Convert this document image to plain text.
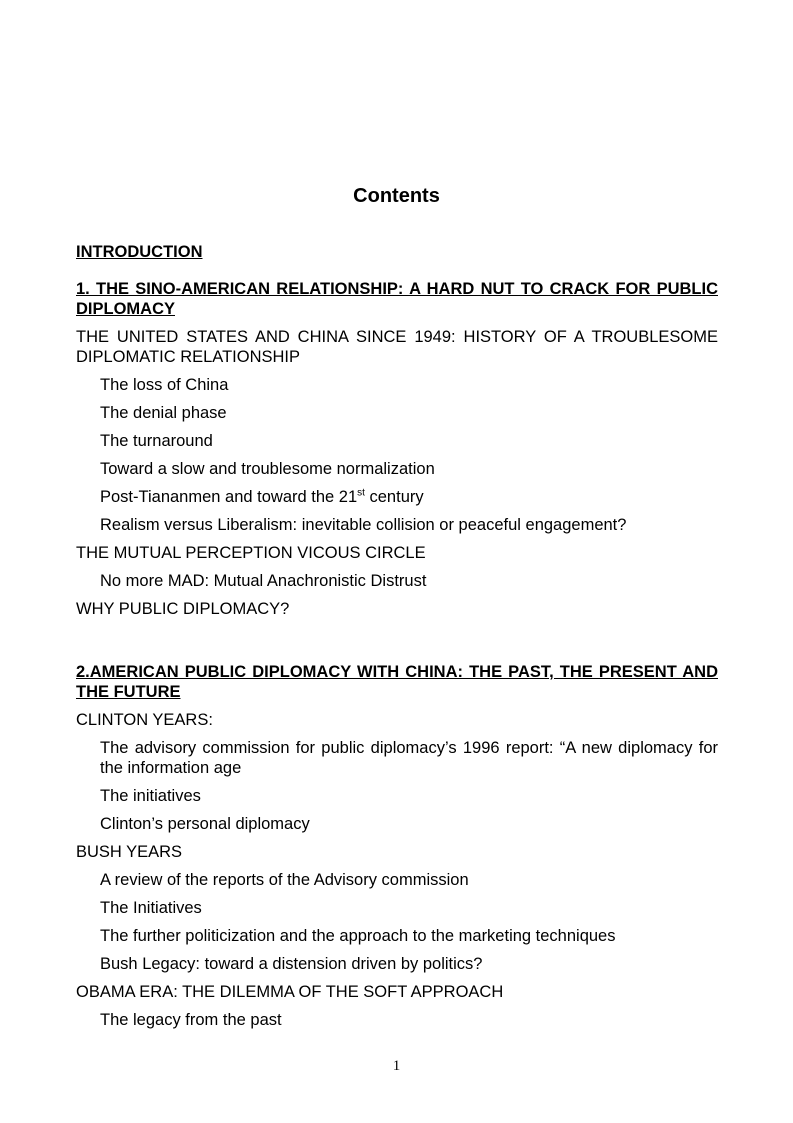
Contents
INTRODUCTION
1. THE SINO-AMERICAN RELATIONSHIP: A HARD NUT TO CRACK FOR PUBLIC DIPLOMACY
THE UNITED STATES AND CHINA SINCE 1949: HISTORY OF A TROUBLESOME DIPLOMATIC RELATIONSHIP
The loss of China
The denial phase
The turnaround
Toward a slow and troublesome normalization
Post-Tiananmen and toward the 21st century
Realism versus Liberalism: inevitable collision or peaceful engagement?
THE MUTUAL PERCEPTION VICOUS CIRCLE
No more MAD: Mutual Anachronistic Distrust
WHY PUBLIC DIPLOMACY?
2.AMERICAN PUBLIC DIPLOMACY WITH CHINA: THE PAST, THE PRESENT AND THE FUTURE
CLINTON YEARS:
The advisory commission for public diplomacy’s 1996 report: “A new diplomacy for the information age
The initiatives
Clinton’s personal diplomacy
BUSH YEARS
A review of the reports of the Advisory commission
The Initiatives
The further politicization and the approach to the marketing techniques
Bush Legacy: toward a distension driven by politics?
OBAMA ERA: THE DILEMMA OF THE SOFT APPROACH
The legacy from the past
1
